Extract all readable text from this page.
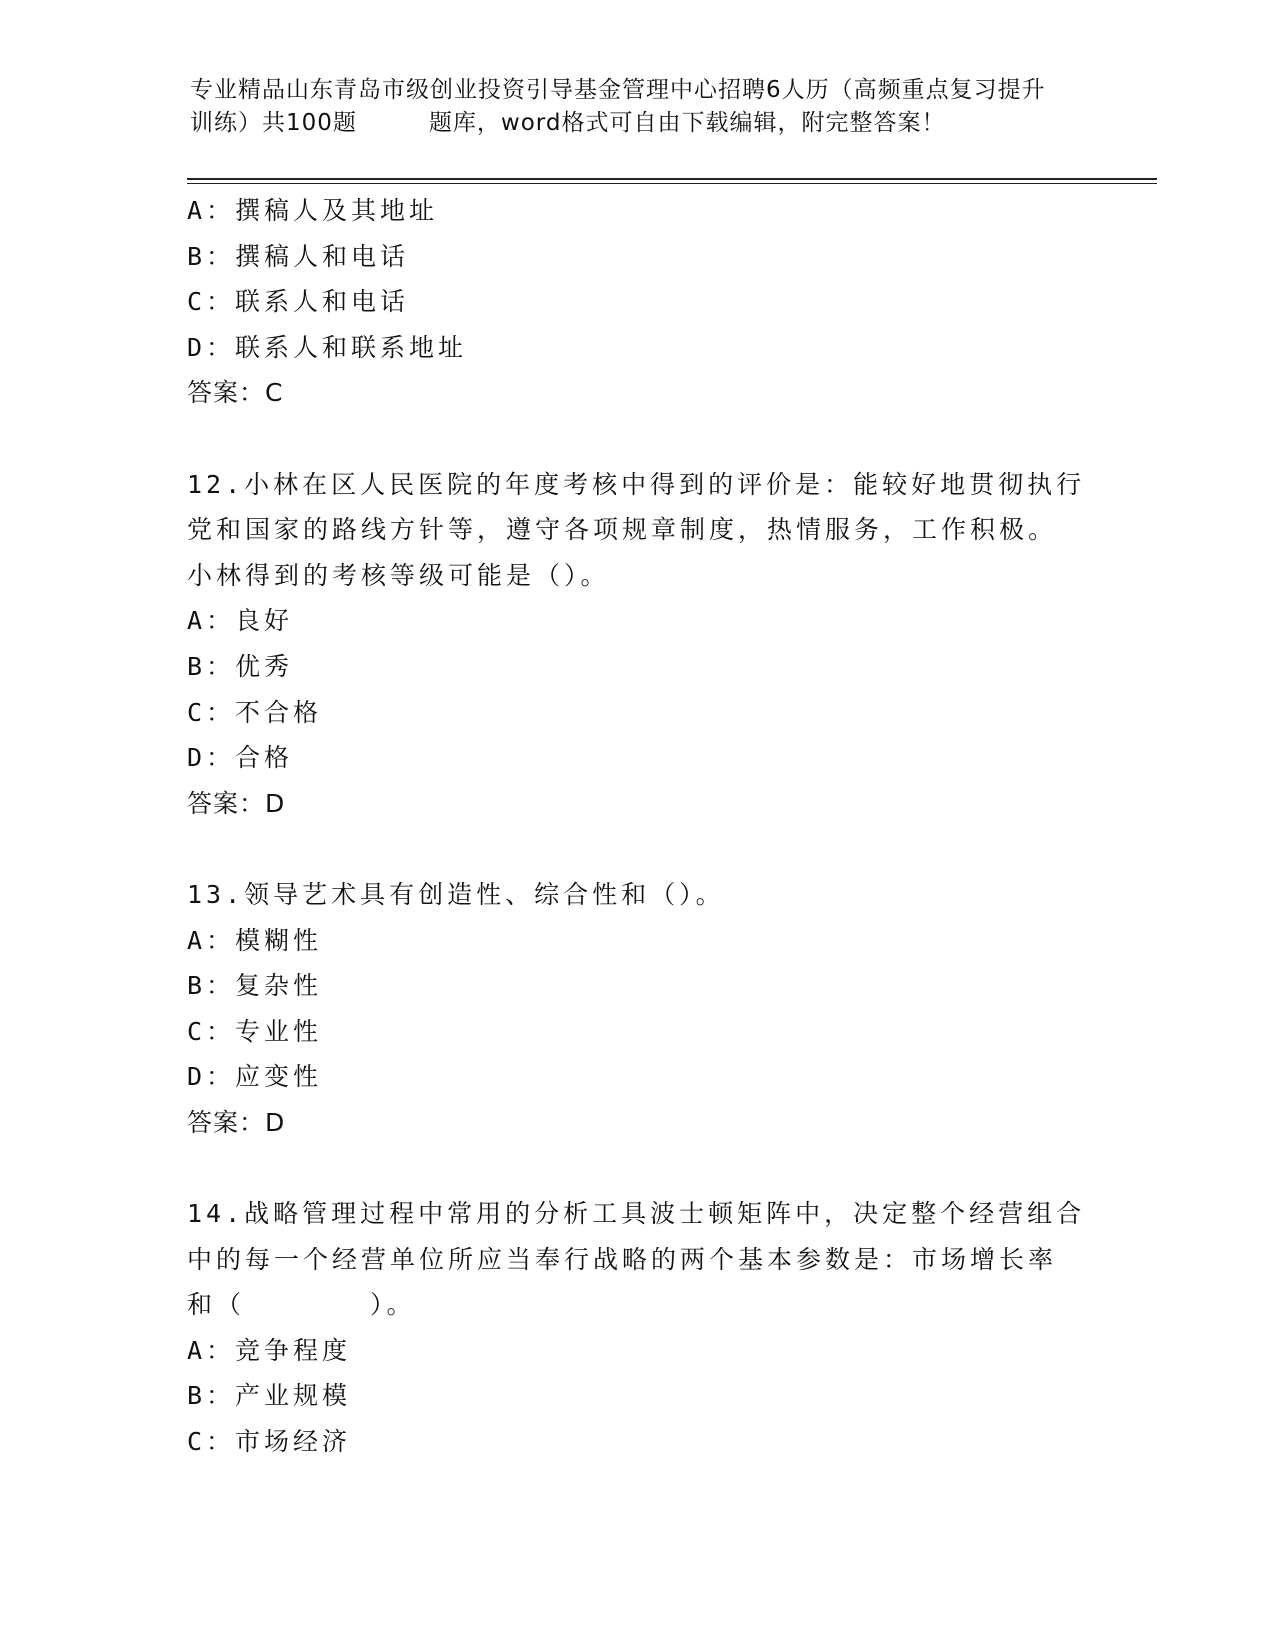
专业精品山东青岛市级创业投资引导基金管理中心招聘6人历（高频重点复习提升
训练）共100题	题库，word格式可自由下载编辑，附完整答案！
A：撰稿人及其地址
B：撰稿人和电话
C：联系人和电话
D：联系人和联系地址
答案：C
12.小林在区人民医院的年度考核中得到的评价是：能较好地贯彻执行
党和国家的路线方针等，遵守各项规章制度，热情服务，工作积极。
小林得到的考核等级可能是（）。
A：良好
B：优秀
C：不合格
D：合格
答案：D
13.领导艺术具有创造性、综合性和（）。
A：模糊性
B：复杂性
C：专业性
D：应变性
答案：D
14.战略管理过程中常用的分析工具波士顿矩阵中，决定整个经营组合
中的每一个经营单位所应当奉行战略的两个基本参数是：市场增长率
和（	）。
A：竞争程度
B：产业规模
C：市场经济
